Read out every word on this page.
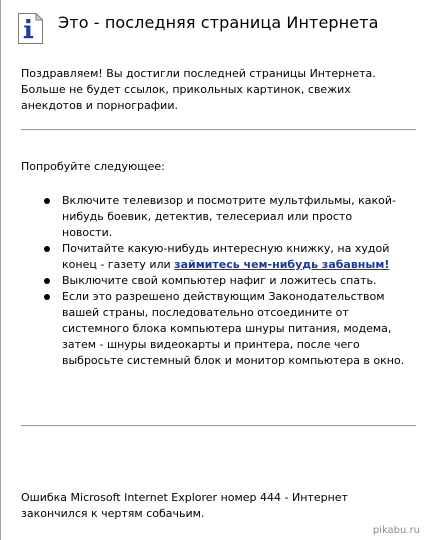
Это - последняя страница Интернета
Поздравляем! Вы достигли последней страницы Интернета.
Больше не будет ссылок, прикольных картинок, свежих
анекдотов и порнографии.
Попробуйте следующее:
Включите телевизор и посмотрите мультфильмы, какой-
нибудь боевик, детектив, телесериал или просто
новости.
Почитайте какую-нибудь интересную книжку, на худой
конец - газету или займитесь чем-нибудь забавным!
Выключите свой компьютер нафиг и ложитесь спать.
Если это разрешено действующим Законодательством
вашей страны, последовательно отсоедините от
системного блока компьютера шнуры питания, модема,
затем - шнуры видеокарты и принтера, после чего
выбросьте системный блок и монитор компьютера в окно.
Ошибка Microsoft Internet Explorer номер 444 - Интернет
закончился к чертям собачьим.
pikabu.ru
